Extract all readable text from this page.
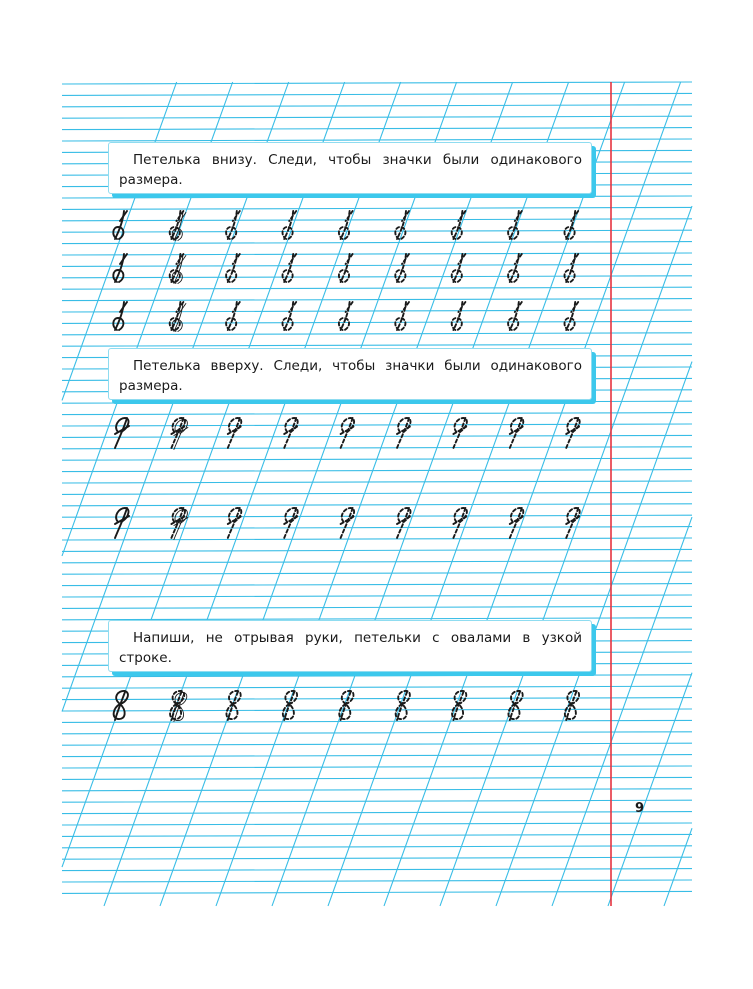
Петелька внизу. Следи, чтобы значки были одинакового размера.
Петелька вверху. Следи, чтобы значки были одинакового размера.
Напиши, не отрывая руки, петельки с овалами в узкой строке.
9
